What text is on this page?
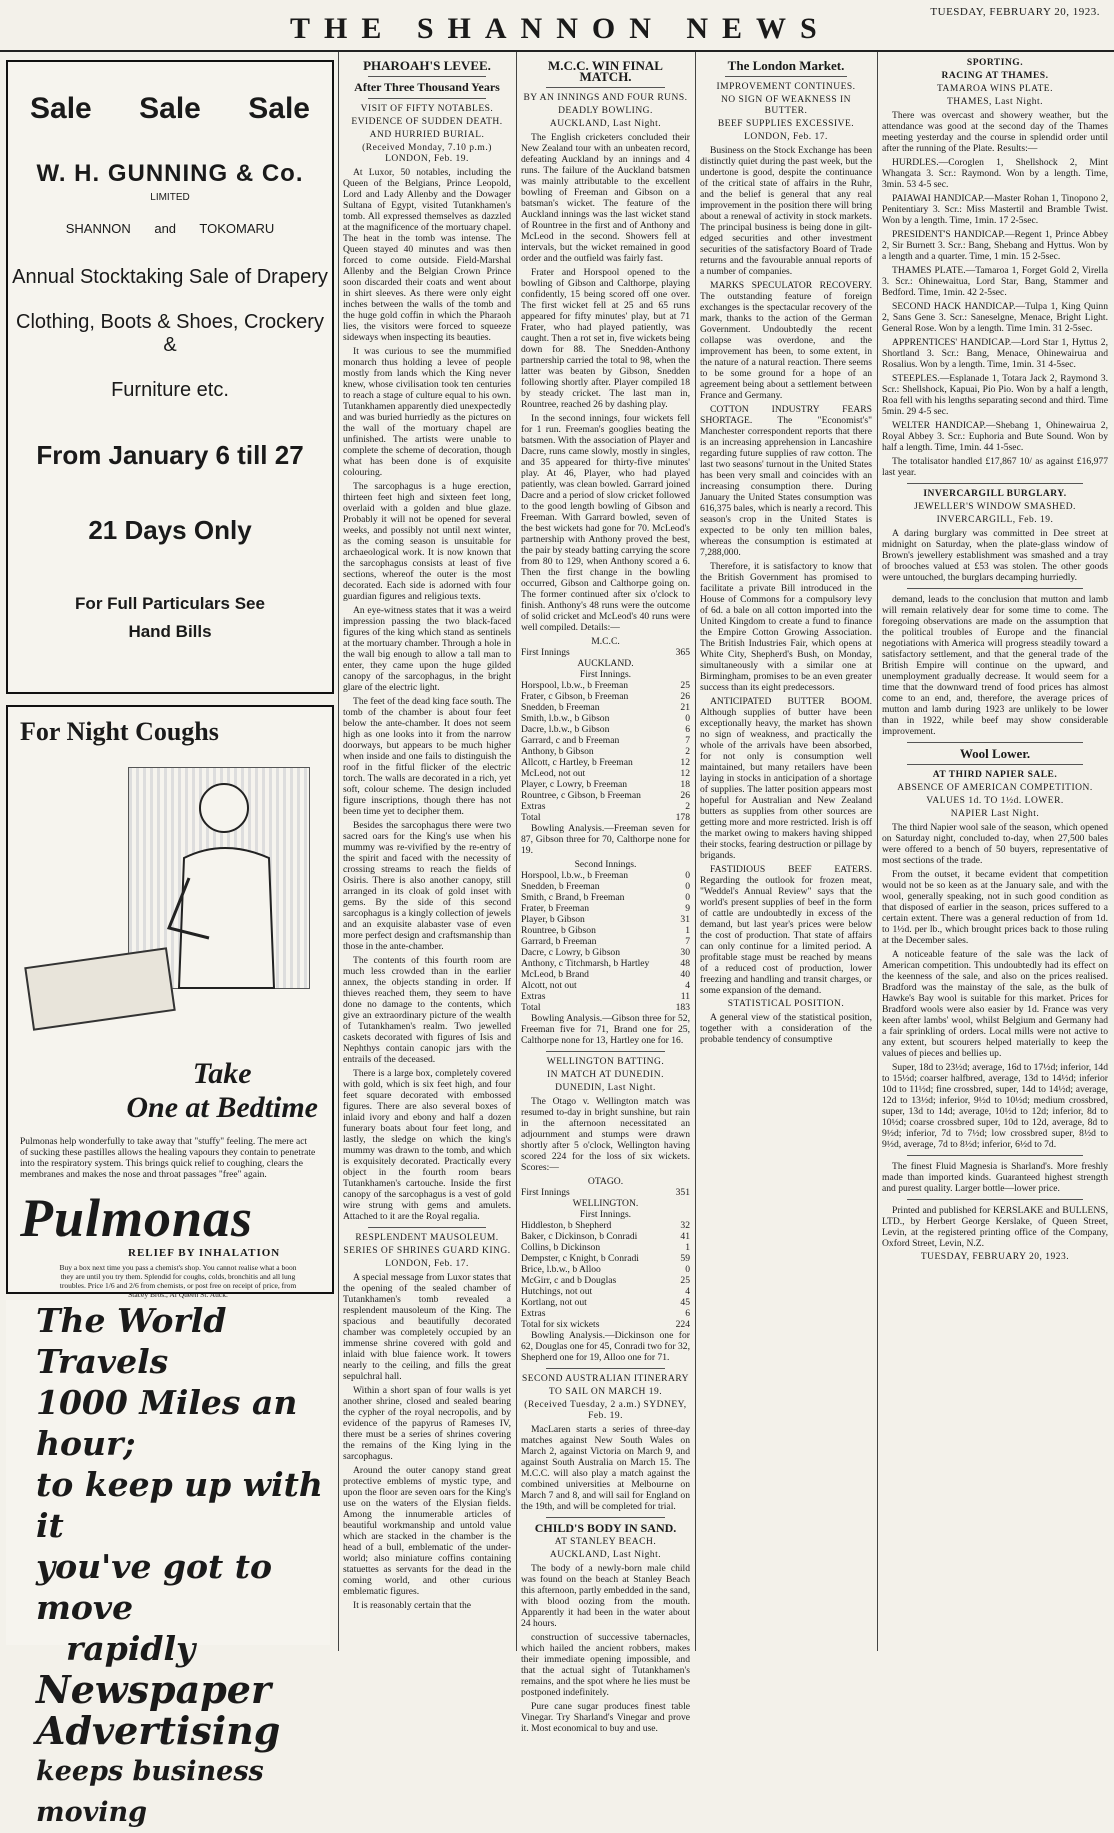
THE SHANNON NEWS	TUESDAY, FEBRUARY 20, 1923.
Sale Sale Sale
W. H. GUNNING & Co.
LIMITED
SHANNON and TOKOMARU
Annual Stocktaking Sale of Drapery
Clothing, Boots & Shoes, Crockery &
Furniture etc.
From January 6 till 27
21 Days Only
For Full Particulars See
Hand Bills
For Night Coughs
Take
One at Bedtime
Pulmonas help wonderfully to take away that "stuffy" feeling. The mere act of sucking these pastilles allows the healing vapours they contain to penetrate into the respiratory system. This brings quick relief to coughing, clears the membranes and makes the nose and throat passages "free" again.
Pulmonas
RELIEF BY INHALATION
Buy a box next time you pass a chemist's shop. You cannot realise what a boon they are until you try them. Splendid for coughs, colds, bronchitis and all lung troubles. Price 1/6 and 2/6 from chemists, or post free on receipt of price, from Stacey Bros., Al Queen St. Auck.
The World Travels
1000 Miles an hour;
to keep up with it
you've got to move
rapidly
Newspaper
Advertising
keeps business moving
PHAROAH'S LEVEE.
After Three Thousand Years
VISIT OF FIFTY NOTABLES.
EVIDENCE OF SUDDEN DEATH.
AND HURRIED BURIAL.
(Received Monday, 7.10 p.m.) LONDON, Feb. 19.

At Luxor, 50 notables, including the Queen of the Belgians, Prince Leopold, Lord and Lady Allenby and the Dowager Sultana of Egypt, visited Tutankhamen's tomb. All expressed themselves as dazzled at the magnificence of the mortuary chapel. The heat in the tomb was intense. The Queen stayed 40 minutes and was then forced to come outside. Field-Marshal Allenby and the Belgian Crown Prince soon discarded their coats and went about in shirt sleeves. As there were only eight inches between the walls of the tomb and the huge gold coffin in which the Pharaoh lies, the visitors were forced to squeeze sideways when inspecting its beauties.

It was curious to see the mummified monarch thus holding a levee of people mostly from lands which the King never knew, whose civilisation took ten centuries to reach a stage of culture equal to his own. Tutankhamen apparently died unexpectedly and was buried hurriedly as the pictures on the wall of the mortuary chapel are unfinished. The artists were unable to complete the scheme of decoration, though what has been done is of exquisite colouring.

The sarcophagus is a huge erection, thirteen feet high and sixteen feet long, overlaid with a golden and blue glaze. Probably it will not be opened for several weeks, and possibly not until next winter, as the coming season is unsuitable for archaeological work. It is now known that the sarcophagus consists at least of five sections, whereof the outer is the most decorated. Each side is adorned with four guardian figures and religious texts.

An eye-witness states that it was a weird impression passing the two black-faced figures of the king which stand as sentinels at the mortuary chamber. Through a hole in the wall big enough to allow a tall man to enter, they came upon the huge gilded canopy of the sarcophagus, in the bright glare of the electric light.

The feet of the dead king face south. The tomb of the chamber is about four feet below the ante-chamber. It does not seem high as one looks into it from the narrow doorways, but appears to be much higher when inside and one fails to distinguish the roof in the fitful flicker of the electric torch. The walls are decorated in a rich, yet soft, colour scheme. The design included figure inscriptions, though there has not been time yet to decipher them.

Besides the sarcophagus there were two sacred oars for the King's use when his mummy was re-vivified by the re-entry of the spirit and faced with the necessity of crossing streams to reach the fields of Osiris. There is also another canopy, still arranged in its cloak of gold inset with gems. By the side of this second sarcophagus is a kingly collection of jewels and an exquisite alabaster vase of even more perfect design and craftsmanship than those in the ante-chamber.

The contents of this fourth room are much less crowded than in the earlier annex, the objects standing in order. If thieves reached them, they seem to have done no damage to the contents, which give an extraordinary picture of the wealth of Tutankhamen's realm. Two jewelled caskets decorated with figures of Isis and Nephthys contain canopic jars with the entrails of the deceased.

There is a large box, completely covered with gold, which is six feet high, and four feet square decorated with embossed figures. There are also several boxes of inlaid ivory and ebony and half a dozen funerary boats about four feet long, and lastly, the sledge on which the king's mummy was drawn to the tomb, and which is exquisitely decorated. Practically every object in the fourth room bears Tutankhamen's cartouche. Inside the first canopy of the sarcophagus is a vest of gold wire strung with gems and amulets. Attached to it are the Royal regalia.

RESPLENDENT MAUSOLEUM.
SERIES OF SHRINES GUARD KING.
LONDON, Feb. 17.

A special message from Luxor states that the opening of the sealed chamber of Tutankhamen's tomb revealed a resplendent mausoleum of the King. The spacious and beautifully decorated chamber was completely occupied by an immense shrine covered with gold and inlaid with blue faience work. It towers nearly to the ceiling, and fills the great sepulchral hall.

Within a short span of four walls is yet another shrine, closed and sealed bearing the cypher of the royal necropolis, and by evidence of the papyrus of Rameses IV, there must be a series of shrines covering the remains of the King lying in the sarcophagus.

Around the outer canopy stand great protective emblems of mystic type, and upon the floor are seven oars for the King's use on the waters of the Elysian fields. Among the innumerable articles of beautiful workmanship and untold value which are stacked in the chamber is the head of a bull, emblematic of the under-world; also miniature coffins containing statuettes as servants for the dead in the coming world, and other curious emblematic figures.

It is reasonably certain that the

M.C.C. WIN FINAL MATCH.
BY AN INNINGS AND FOUR RUNS.
DEADLY BOWLING.
AUCKLAND, Last Night.

The English cricketers concluded their New Zealand tour with an unbeaten record, defeating Auckland by an innings and 4 runs. The failure of the Auckland batsmen was mainly attributable to the excellent bowling of Freeman and Gibson on a batsman's wicket. The feature of the Auckland innings was the last wicket stand of Rountree in the first and of Anthony and McLeod in the second. Showers fell at intervals, but the wicket remained in good order and the outfield was fairly fast.

Frater and Horspool opened to the bowling of Gibson and Calthorpe, playing confidently, 15 being scored off one over. The first wicket fell at 25 and 65 runs appeared for fifty minutes' play, but at 71 Frater, who had played patiently, was caught. Then a rot set in, five wickets being down for 88. The Snedden-Anthony partnership carried the total to 98, when the latter was beaten by Gibson, Snedden following shortly after. Player compiled 18 by steady cricket. The last man in, Rountree, reached 26 by dashing play.

In the second innings, four wickets fell for 1 run. Freeman's googlies beating the batsmen. With the association of Player and Dacre, runs came slowly, mostly in singles, and 35 appeared for thirty-five minutes' play. At 46, Player, who had played patiently, was clean bowled. Garrard joined Dacre and a period of slow cricket followed to the good length bowling of Gibson and Freeman. With Garrard bowled, seven of the best wickets had gone for 70. McLeod's partnership with Anthony proved the best, the pair by steady batting carrying the score from 80 to 129, when Anthony scored a 6. Then the first change in the bowling occurred, Gibson and Calthorpe going on. The former continued after six o'clock to finish. Anthony's 48 runs were the outcome of solid cricket and McLeod's 40 runs were well compiled. Details:—

M.C.C.
First Innings	365
AUCKLAND.
First Innings.
Horspool, l.b.w., b Freeman	25
Frater, c Gibson, b Freeman	26
Snedden, b Freeman	21
Smith, l.b.w., b Gibson	0
Dacre, l.b.w., b Gibson	6
Garrard, c and b Freeman	7
Anthony, b Gibson	2
Allcott, c Hartley, b Freeman	12
McLeod, not out	12
Player, c Lowry, b Freeman	18
Rountree, c Gibson, b Freeman	26
Extras	2
Total	178

Bowling Analysis.—Freeman seven for 87, Gibson three for 70, Calthorpe none for 19.

Second Innings.
Horspool, l.b.w., b Freeman	0
Snedden, b Freeman	0
Smith, c Brand, b Freeman	0
Frater, b Freeman	9
Player, b Gibson	31
Rountree, b Gibson	1
Garrard, b Freeman	7
Dacre, c Lowry, b Gibson	30
Anthony, c Titchmarsh, b Hartley	48
McLeod, b Brand	40
Alcott, not out	4
Extras	11
Total	183

Bowling Analysis.—Gibson three for 52, Freeman five for 71, Brand one for 25, Calthorpe none for 13, Hartley one for 16.

WELLINGTON BATTING.
IN MATCH AT DUNEDIN.
DUNEDIN, Last Night.

The Otago v. Wellington match was resumed to-day in bright sunshine, but rain in the afternoon necessitated an adjournment and stumps were drawn shortly after 5 o'clock, Wellington having scored 224 for the loss of six wickets. Scores:—

OTAGO.
First Innings	351
WELLINGTON.
First Innings.
Hiddleston, b Shepherd	32
Baker, c Dickinson, b Conradi	41
Collins, b Dickinson	1
Dempster, c Knight, b Conradi	59
Brice, l.b.w., b Alloo	0
McGirr, c and b Douglas	25
Hutchings, not out	4
Kortlang, not out	45
Extras	6
Total for six wickets	224

Bowling Analysis.—Dickinson one for 62, Douglas one for 45, Conradi two for 32, Shepherd one for 19, Alloo one for 71.

SECOND AUSTRALIAN ITINERARY
TO SAIL ON MARCH 19.
(Received Tuesday, 2 a.m.) SYDNEY, Feb. 19.

MacLaren starts a series of three-day matches against New South Wales on March 2, against Victoria on March 9, and against South Australia on March 15. The M.C.C. will also play a match against the combined universities at Melbourne on March 7 and 8, and will sail for England on the 19th, and will be completed for trial.

CHILD'S BODY IN SAND.
AT STANLEY BEACH.
AUCKLAND, Last Night.

The body of a newly-born male child was found on the beach at Stanley Beach this afternoon, partly embedded in the sand, with blood oozing from the mouth. Apparently it had been in the water about 24 hours.

construction of successive tabernacles, which hailed the ancient robbers, makes their immediate opening impossible, and that the actual sight of Tutankhamen's remains, and the spot where he lies must be postponed indefinitely.

Pure cane sugar produces finest table Vinegar. Try Sharland's Vinegar and prove it. Most economical to buy and use.

The London Market.
IMPROVEMENT CONTINUES.
NO SIGN OF WEAKNESS IN BUTTER.
BEEF SUPPLIES EXCESSIVE.
LONDON, Feb. 17.

Business on the Stock Exchange has been distinctly quiet during the past week, but the undertone is good, despite the continuance of the critical state of affairs in the Ruhr, and the belief is general that any real improvement in the position there will bring about a renewal of activity in stock markets. The principal business is being done in gilt-edged securities and other investment securities of the satisfactory Board of Trade returns and the favourable annual reports of a number of companies.

MARKS SPECULATOR RECOVERY. The outstanding feature of foreign exchanges is the spectacular recovery of the mark, thanks to the action of the German Government. Undoubtedly the recent collapse was overdone, and the improvement has been, to some extent, in the nature of a natural reaction. There seems to be some ground for a hope of an agreement being about a settlement between France and Germany.

COTTON INDUSTRY FEARS SHORTAGE. The "Economist's" Manchester correspondent reports that there is an increasing apprehension in Lancashire regarding future supplies of raw cotton. The last two seasons' turnout in the United States has been very small and coincides with an increasing consumption there. During January the United States consumption was 616,375 bales, which is nearly a record. This season's crop in the United States is expected to be only ten million bales, whereas the consumption is estimated at 7,288,000.

Therefore, it is satisfactory to know that the British Government has promised to facilitate a private Bill introduced in the House of Commons for a compulsory levy of 6d. a bale on all cotton imported into the United Kingdom to create a fund to finance the Empire Cotton Growing Association. The British Industries Fair, which opens at White City, Shepherd's Bush, on Monday, simultaneously with a similar one at Birmingham, promises to be an even greater success than its eight predecessors.

ANTICIPATED BUTTER BOOM. Although supplies of butter have been exceptionally heavy, the market has shown no sign of weakness, and practically the whole of the arrivals have been absorbed, for not only is consumption well maintained, but many retailers have been laying in stocks in anticipation of a shortage of supplies. The latter position appears most hopeful for Australian and New Zealand butters as supplies from other sources are getting more and more restricted. Irish is off the market owing to makers having shipped their stocks, fearing destruction or pillage by brigands.

FASTIDIOUS BEEF EATERS. Regarding the outlook for frozen meat, "Weddel's Annual Review" says that the world's present supplies of beef in the form of cattle are undoubtedly in excess of the demand, but last year's prices were below the cost of production. That state of affairs can only continue for a limited period. A profitable stage must be reached by means of a reduced cost of production, lower freezing and handling and transit charges, or some expansion of the demand.

STATISTICAL POSITION.

A general view of the statistical position, together with a consideration of the probable tendency of consumptive

SPORTING.
RACING AT THAMES.
TAMAROA WINS PLATE.
THAMES, Last Night.

There was overcast and showery weather, but the attendance was good at the second day of the Thames meeting yesterday and the course in splendid order until after the running of the Plate. Results:—

HURDLES.—Coroglen 1, Shellshock 2, Mint Whangata 3. Scr.: Raymond. Won by a length. Time, 3min. 53 4-5 sec.

PAIAWAI HANDICAP.—Master Rohan 1, Tinopono 2, Penitentiary 3. Scr.: Miss Mastertil and Bramble Twist. Won by a length. Time, 1min. 17 2-5sec.

PRESIDENT'S HANDICAP.—Regent 1, Prince Abbey 2, Sir Burnett 3. Scr.: Bang, Shebang and Hyttus. Won by a length and a quarter. Time, 1 min. 15 2-5sec.

THAMES PLATE.—Tamaroa 1, Forget Gold 2, Virella 3. Scr.: Ohinewaitua, Lord Star, Bang, Stammer and Bedford. Time, 1min. 42 2-5sec.

SECOND HACK HANDICAP.—Tulpa 1, King Quinn 2, Sans Gene 3. Scr.: Saneselgne, Menace, Bright Light. General Rose. Won by a length. Time 1min. 31 2-5sec.

APPRENTICES' HANDICAP.—Lord Star 1, Hyttus 2, Shortland 3. Scr.: Bang, Menace, Ohinewairua and Rosalius. Won by a length. Time, 1min. 31 4-5sec.

STEEPLES.—Esplanade 1, Totara Jack 2, Raymond 3. Scr.: Shellshock, Kapuai, Pio Pio. Won by a half a length, Roa fell with his lengths separating second and third. Time 5min. 29 4-5 sec.

WELTER HANDICAP.—Shebang 1, Ohinewairua 2, Royal Abbey 3. Scr.: Euphoria and Bute Sound. Won by half a length. Time, 1min. 44 1-5sec.

The totalisator handled £17,867 10/ as against £16,977 last year.

INVERCARGILL BURGLARY.
JEWELLER'S WINDOW SMASHED.
INVERCARGILL, Feb. 19.

A daring burglary was committed in Dee street at midnight on Saturday, when the plate-glass window of Brown's jewellery establishment was smashed and a tray of brooches valued at £53 was stolen. The other goods were untouched, the burglars decamping hurriedly.

demand, leads to the conclusion that mutton and lamb will remain relatively dear for some time to come. The foregoing observations are made on the assumption that the political troubles of Europe and the financial negotiations with America will progress steadily toward a satisfactory settlement, and that the general trade of the British Empire will continue on the upward, and unemployment gradually decrease. It would seem for a time that the downward trend of food prices has almost come to an end, and, therefore, the average prices of mutton and lamb during 1923 are unlikely to be lower than in 1922, while beef may show considerable improvement.

Wool Lower.
AT THIRD NAPIER SALE.
ABSENCE OF AMERICAN COMPETITION.
VALUES 1d. TO 1½d. LOWER.
NAPIER Last Night.

The third Napier wool sale of the season, which opened on Saturday night, concluded to-day, when 27,500 bales were offered to a bench of 50 buyers, representative of most sections of the trade.

From the outset, it became evident that competition would not be so keen as at the January sale, and with the wool, generally speaking, not in such good condition as that disposed of earlier in the season, prices suffered to a certain extent. There was a general reduction of from 1d. to 1½d. per lb., which brought prices back to those ruling at the December sales.

A noticeable feature of the sale was the lack of American competition. This undoubtedly had its effect on the keenness of the sale, and also on the prices realised. Bradford was the mainstay of the sale, as the bulk of Hawke's Bay wool is suitable for this market. Prices for Bradford wools were also easier by 1d. France was very keen after lambs' wool, whilst Belgium and Germany had a fair sprinkling of orders. Local mills were not active to any extent, but scourers helped materially to keep the values of pieces and bellies up.

Super, 18d to 23½d; average, 16d to 17½d; inferior, 14d to 15½d; coarser halfbred, average, 13d to 14½d; inferior 10d to 11½d; fine crossbred, super, 14d to 14½d; average, 12d to 13½d; inferior, 9½d to 10½d; medium crossbred, super, 13d to 14d; average, 10½d to 12d; inferior, 8d to 10½d; coarse crossbred super, 10d to 12d, average, 8d to 9½d; inferior, 7d to 7½d; low crossbred super, 8½d to 9½d, average, 7d to 8½d; inferior, 6½d to 7d.

The finest Fluid Magnesia is Sharland's. More freshly made than imported kinds. Guaranteed highest strength and purest quality. Larger bottle—lower price.

Printed and published for KERSLAKE and BULLENS, LTD., by Herbert George Kerslake, of Queen Street, Levin, at the registered printing office of the Company, Oxford Street, Levin, N.Z.

TUESDAY, FEBRUARY 20, 1923.
